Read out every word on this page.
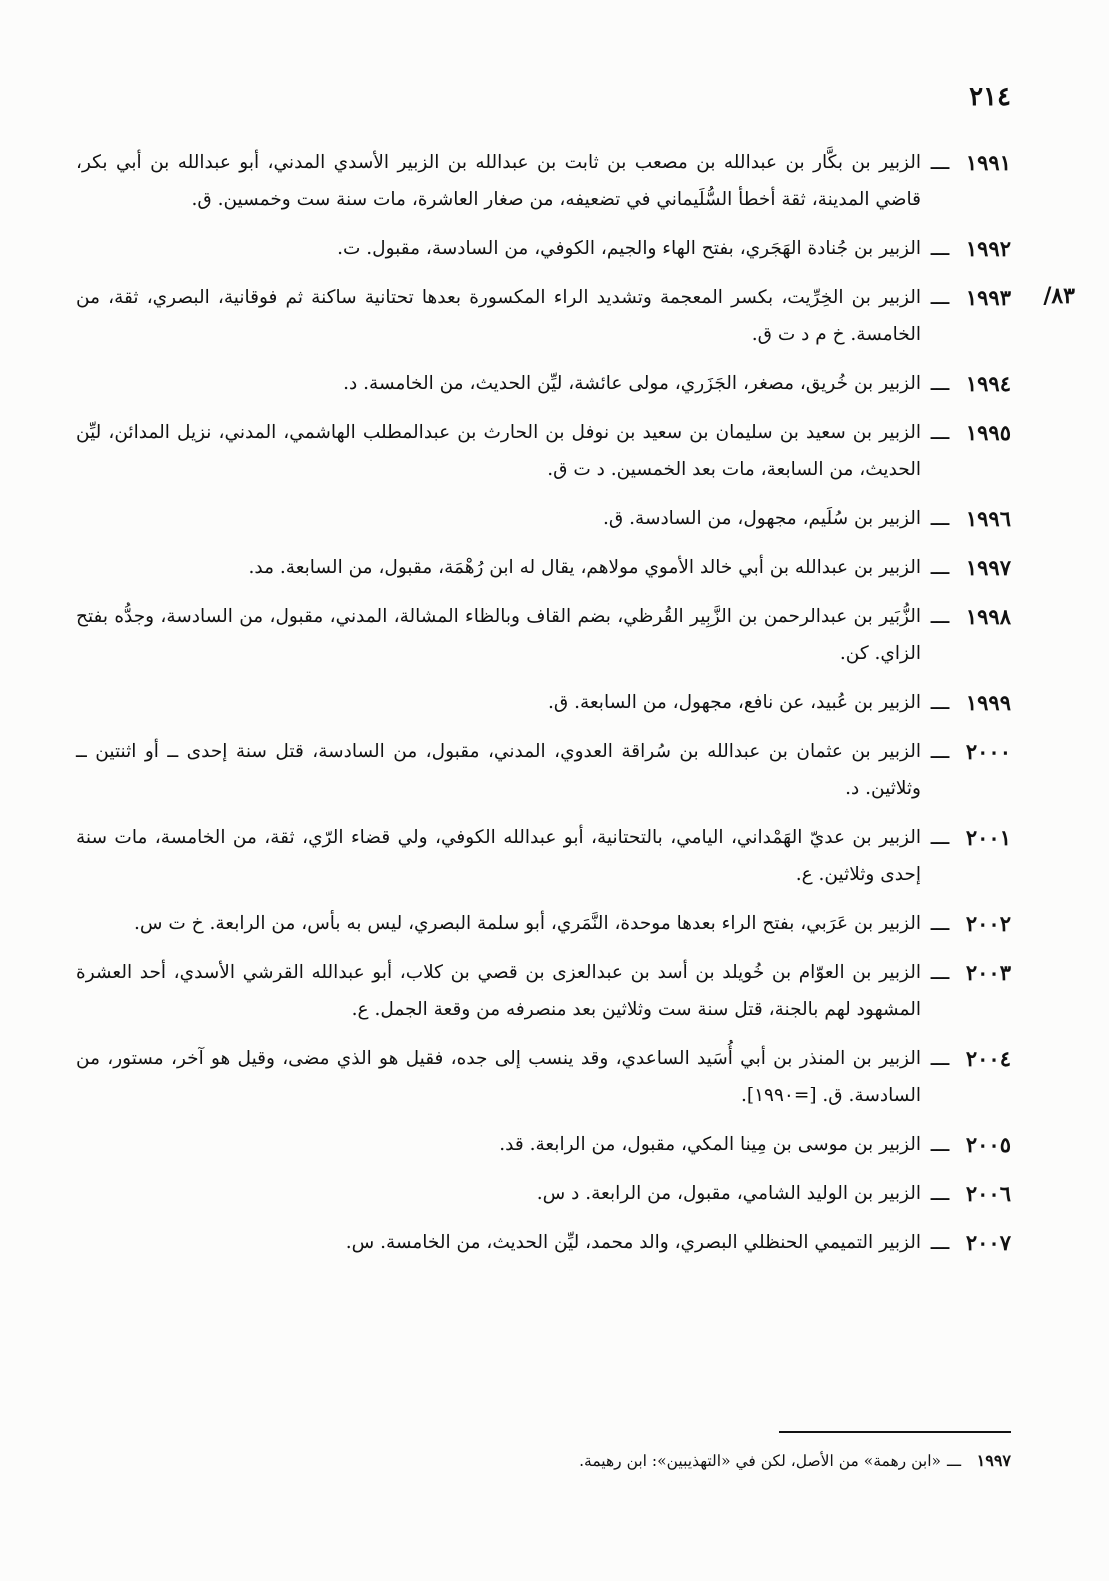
٢١٤
٨٣/
١٩٩١
ـــ
الزبير بن بكَّار بن عبدالله بن مصعب بن ثابت بن عبدالله بن الزبير الأسدي المدني، أبو عبدالله بن أبي بكر، قاضي المدينة، ثقة أخطأ السُّلَيماني في تضعيفه، من صغار العاشرة، مات سنة ست وخمسين. ق.
١٩٩٢
ـــ
الزبير بن جُنادة الهَجَري، بفتح الهاء والجيم، الكوفي، من السادسة، مقبول. ت.
١٩٩٣
ـــ
الزبير بن الخِرِّيت، بكسر المعجمة وتشديد الراء المكسورة بعدها تحتانية ساكنة ثم فوقانية، البصري، ثقة، من الخامسة. خ م د ت ق.
١٩٩٤
ـــ
الزبير بن خُريق، مصغر، الجَزَري، مولى عائشة، ليِّن الحديث، من الخامسة. د.
١٩٩٥
ـــ
الزبير بن سعيد بن سليمان بن سعيد بن نوفل بن الحارث بن عبدالمطلب الهاشمي، المدني، نزيل المدائن، ليِّن الحديث، من السابعة، مات بعد الخمسين. د ت ق.
١٩٩٦
ـــ
الزبير بن سُلَيم، مجهول، من السادسة. ق.
١٩٩٧
ـــ
الزبير بن عبدالله بن أبي خالد الأموي مولاهم، يقال له ابن رُهْمَة، مقبول، من السابعة. مد.
١٩٩٨
ـــ
الزُّبَير بن عبدالرحمن بن الزَّبِير القُرظي، بضم القاف وبالظاء المشالة، المدني، مقبول، من السادسة، وجدُّه بفتح الزاي. كن.
١٩٩٩
ـــ
الزبير بن عُبيد، عن نافع، مجهول، من السابعة. ق.
٢٠٠٠
ـــ
الزبير بن عثمان بن عبدالله بن سُراقة العدوي، المدني، مقبول، من السادسة، قتل سنة إحدى ــ أو اثنتين ــ وثلاثين. د.
٢٠٠١
ـــ
الزبير بن عديّ الهَمْداني، اليامي، بالتحتانية، أبو عبدالله الكوفي، ولي قضاء الرّي، ثقة، من الخامسة، مات سنة إحدى وثلاثين. ع.
٢٠٠٢
ـــ
الزبير بن عَرَبي، بفتح الراء بعدها موحدة، النَّمَري، أبو سلمة البصري، ليس به بأس، من الرابعة. خ ت س.
٢٠٠٣
ـــ
الزبير بن العوّام بن خُويلد بن أسد بن عبدالعزى بن قصي بن كلاب، أبو عبدالله القرشي الأسدي، أحد العشرة المشهود لهم بالجنة، قتل سنة ست وثلاثين بعد منصرفه من وقعة الجمل. ع.
٢٠٠٤
ـــ
الزبير بن المنذر بن أبي أُسَيد الساعدي، وقد ينسب إلى جده، فقيل هو الذي مضى، وقيل هو آخر، مستور، من السادسة. ق. [=١٩٩٠].
٢٠٠٥
ـــ
الزبير بن موسى بن مِينا المكي، مقبول، من الرابعة. قد.
٢٠٠٦
ـــ
الزبير بن الوليد الشامي، مقبول، من الرابعة. د س.
٢٠٠٧
ـــ
الزبير التميمي الحنظلي البصري، والد محمد، ليِّن الحديث، من الخامسة. س.
١٩٩٧
ـــ
«ابن رهمة» من الأصل، لكن في «التهذيبين»: ابن رهيمة.
